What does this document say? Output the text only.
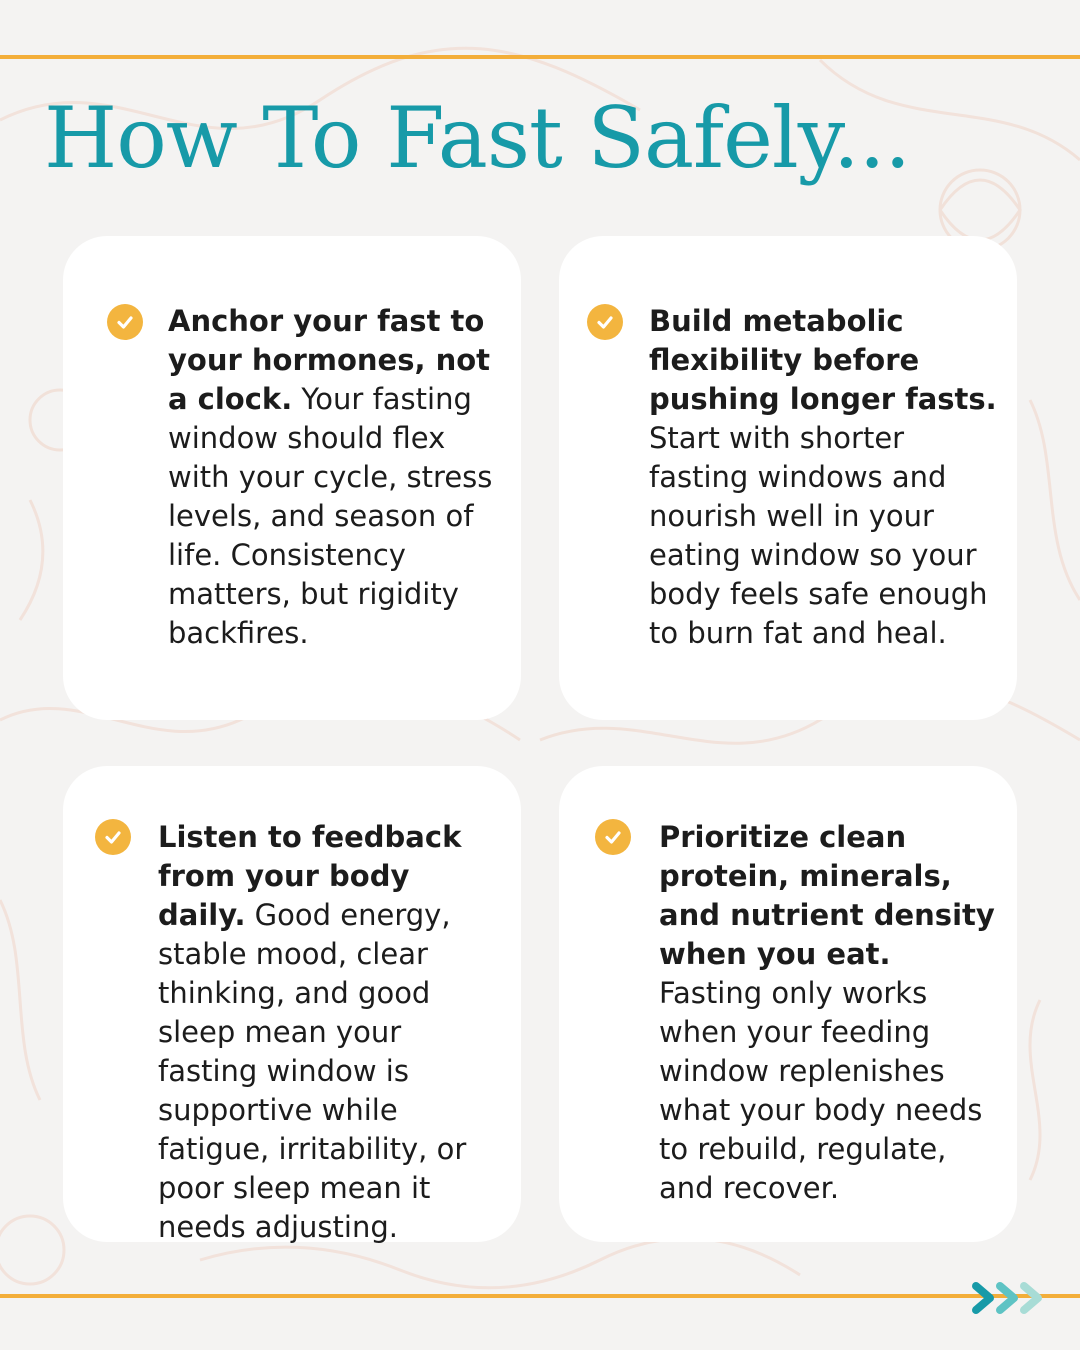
How To Fast Safely...

Anchor your fast to your hormones, not a clock. Your fasting window should flex with your cycle, stress levels, and season of life. Consistency matters, but rigidity backfires.

Build metabolic flexibility before pushing longer fasts. Start with shorter fasting windows and nourish well in your eating window so your body feels safe enough to burn fat and heal.

Listen to feedback from your body daily. Good energy, stable mood, clear thinking, and good sleep mean your fasting window is supportive while fatigue, irritability, or poor sleep mean it needs adjusting.

Prioritize clean protein, minerals, and nutrient density when you eat. Fasting only works when your feeding window replenishes what your body needs to rebuild, regulate, and recover.
